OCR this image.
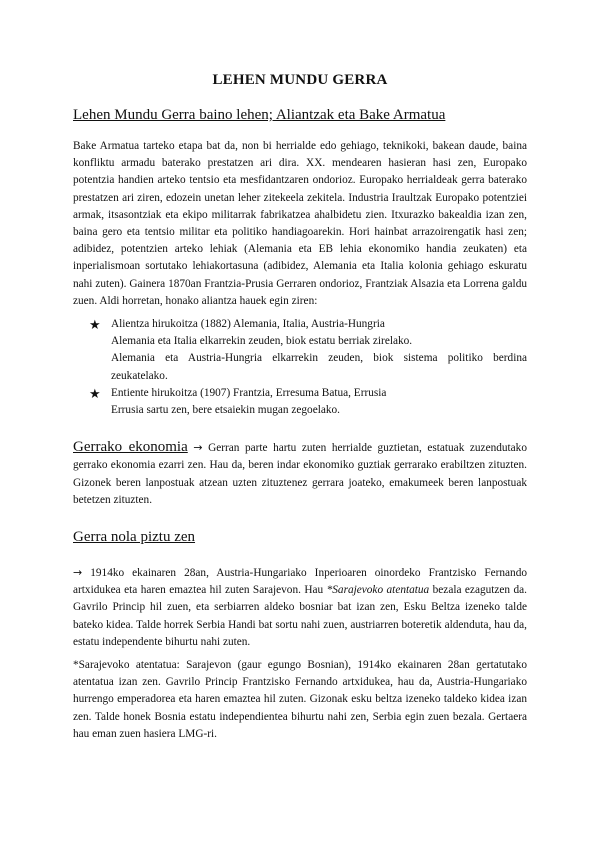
LEHEN MUNDU GERRA
Lehen Mundu Gerra baino lehen; Aliantzak eta Bake Armatua

Bake Armatua tarteko etapa bat da, non bi herrialde edo gehiago, teknikoki, bakean daude, baina konfliktu armadu baterako prestatzen ari dira. XX. mendearen hasieran hasi zen, Europako potentzia handien arteko tentsio eta mesfidantzaren ondorioz. Europako herrialdeak gerra baterako prestatzen ari ziren, edozein unetan leher zitekeela zekitela. Industria Iraultzak Europako potentziei armak, itsasontziak eta ekipo militarrak fabrikatzea ahalbidetu zien. Itxurazko bakealdia izan zen, baina gero eta tentsio militar eta politiko handiagoarekin. Hori hainbat arrazoirengatik hasi zen; adibidez, potentzien arteko lehiak (Alemania eta EB lehia ekonomiko handia zeukaten) eta inperialismoan sortutako lehiakortasuna (adibidez, Alemania eta Italia kolonia gehiago eskuratu nahi zuten). Gainera 1870an Frantzia-Prusia Gerraren ondorioz, Frantziak Alsazia eta Lorrena galdu zuen. Aldi horretan, honako aliantza hauek egin ziren:

★ Alientza hirukoitza (1882) Alemania, Italia, Austria-Hungria
Alemania eta Italia elkarrekin zeuden, biok estatu berriak zirelako.
Alemania eta Austria-Hungria elkarrekin zeuden, biok sistema politiko berdina zeukatelako.
★ Entiente hirukoitza (1907) Frantzia, Erresuma Batua, Errusia
Errusia sartu zen, bere etsaiekin mugan zegoelako.

Gerrako ekonomia → Gerran parte hartu zuten herrialde guztietan, estatuak zuzendutako gerrako ekonomia ezarri zen. Hau da, beren indar ekonomiko guztiak gerrarako erabiltzen zituzten. Gizonek beren lanpostuak atzean uzten zituztenez gerrara joateko, emakumeek beren lanpostuak betetzen zituzten.

Gerra nola piztu zen

→ 1914ko ekainaren 28an, Austria-Hungariako Inperioaren oinordeko Frantzisko Fernando artxidukea eta haren emaztea hil zuten Sarajevon. Hau *Sarajevoko atentatua bezala ezagutzen da. Gavrilo Princip hil zuen, eta serbiarren aldeko bosniar bat izan zen, Esku Beltza izeneko talde bateko kidea. Talde horrek Serbia Handi bat sortu nahi zuen, austriarren boteretik aldenduta, hau da, estatu independente bihurtu nahi zuten.

*Sarajevoko atentatua: Sarajevon (gaur egungo Bosnian), 1914ko ekainaren 28an gertatutako atentatua izan zen. Gavrilo Princip Frantzisko Fernando artxidukea, hau da, Austria-Hungariako hurrengo emperadorea eta haren emaztea hil zuten. Gizonak esku beltza izeneko taldeko kidea izan zen. Talde honek Bosnia estatu independientea bihurtu nahi zen, Serbia egin zuen bezala. Gertaera hau eman zuen hasiera LMG-ri.
